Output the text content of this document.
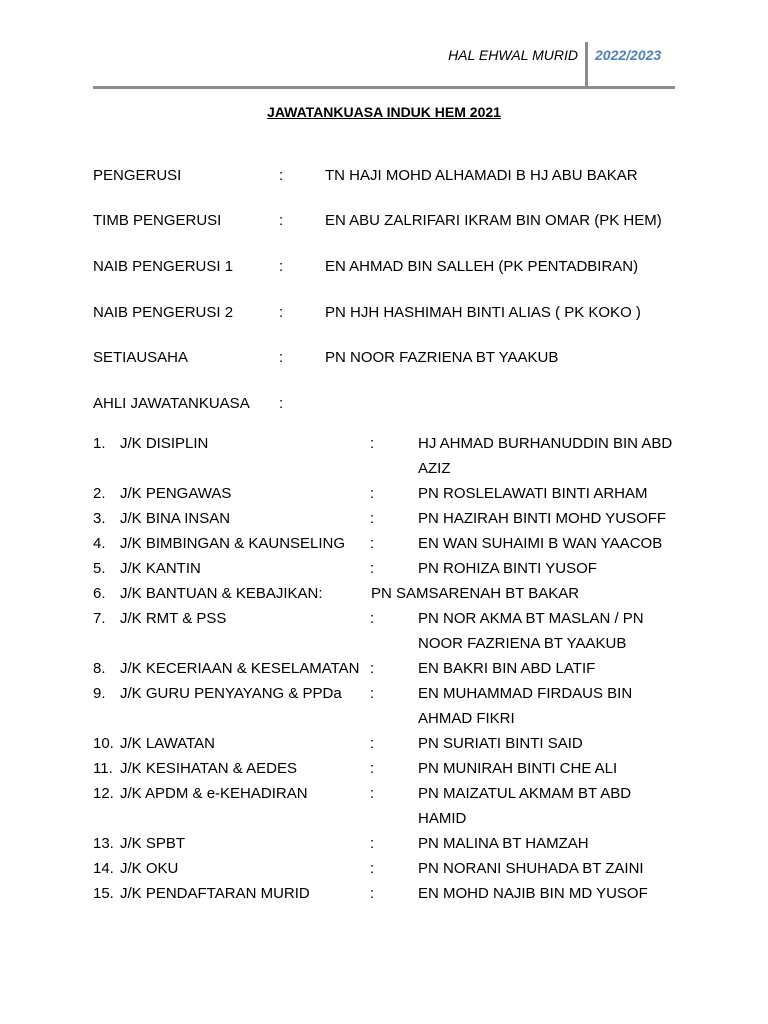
HAL EHWAL MURID 2022/2023
JAWATANKUASA INDUK HEM 2021
PENGERUSI	:	TN HAJI MOHD ALHAMADI B HJ ABU BAKAR
TIMB PENGERUSI	:	EN ABU ZALRIFARI IKRAM BIN OMAR (PK HEM)
NAIB PENGERUSI 1	:	EN AHMAD BIN SALLEH (PK PENTADBIRAN)
NAIB PENGERUSI 2	:	PN HJH HASHIMAH BINTI ALIAS ( PK KOKO )
SETIAUSAHA	:	PN NOOR FAZRIENA BT YAAKUB
AHLI JAWATANKUASA :
1. J/K DISIPLIN	:	HJ AHMAD BURHANUDDIN BIN ABD AZIZ
2. J/K PENGAWAS	:	PN ROSLELAWATI BINTI ARHAM
3. J/K BINA INSAN	:	PN HAZIRAH BINTI MOHD YUSOFF
4. J/K BIMBINGAN & KAUNSELING :	EN WAN SUHAIMI B WAN YAACOB
5. J/K KANTIN	:	PN ROHIZA BINTI YUSOF
6. J/K BANTUAN & KEBAJIKAN:	PN SAMSARENAH BT BAKAR
7. J/K RMT & PSS	:	PN NOR AKMA BT MASLAN / PN NOOR FAZRIENA BT YAAKUB
8. J/K KECERIAAN & KESELAMATAN :	EN BAKRI BIN ABD LATIF
9. J/K GURU PENYAYANG & PPDa :	EN MUHAMMAD FIRDAUS BIN AHMAD FIKRI
10. J/K LAWATAN	:	PN SURIATI BINTI SAID
11. J/K KESIHATAN & AEDES	:	PN MUNIRAH BINTI CHE ALI
12. J/K APDM & e-KEHADIRAN	:	PN MAIZATUL AKMAM BT ABD HAMID
13. J/K SPBT	:	PN MALINA BT HAMZAH
14. J/K OKU	:	PN NORANI SHUHADA BT ZAINI
15. J/K PENDAFTARAN MURID	:	EN MOHD NAJIB BIN MD YUSOF
